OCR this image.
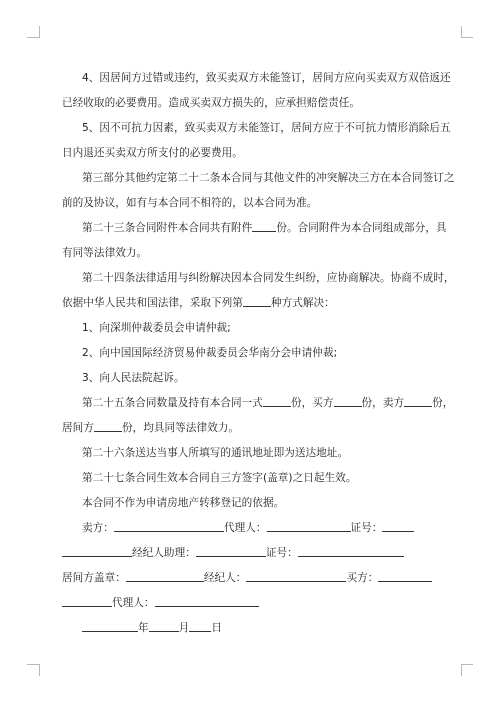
4、因居间方过错或违约，致买卖双方未能签订，居间方应向买卖双方双倍返还
已经收取的必要费用。造成买卖双方损失的，应承担赔偿责任。
5、因不可抗力因素，致买卖双方未能签订，居间方应于不可抗力情形消除后五
日内退还买卖双方所支付的必要费用。
第三部分其他约定第二十二条本合同与其他文件的冲突解决三方在本合同签订之
前的及协议，如有与本合同不相符的，以本合同为准。
第二十三条合同附件本合同共有附件 份。合同附件为本合同组成部分，具
有同等法律效力。
第二十四条法律适用与纠纷解决因本合同发生纠纷，应协商解决。协商不成时，
依据中华人民共和国法律，采取下列第	种方式解决：
1、向深圳仲裁委员会申请仲裁;
2、向中国国际经济贸易仲裁委员会华南分会申请仲裁;
3、向人民法院起诉。
第二十五条合同数量及持有本合同一式	份，买方	份，卖方	份，
居间方	份，均具同等法律效力。
第二十六条送达当事人所填写的通讯地址即为送达地址。
第二十七条合同生效本合同自三方签字(盖章)之日起生效。
本合同不作为申请房地产转移登记的依据。
卖方：	代理人：	证号：
经纪人助理：	证号：
居间方盖章：	经纪人：	买方：
代理人：
年	月 日
